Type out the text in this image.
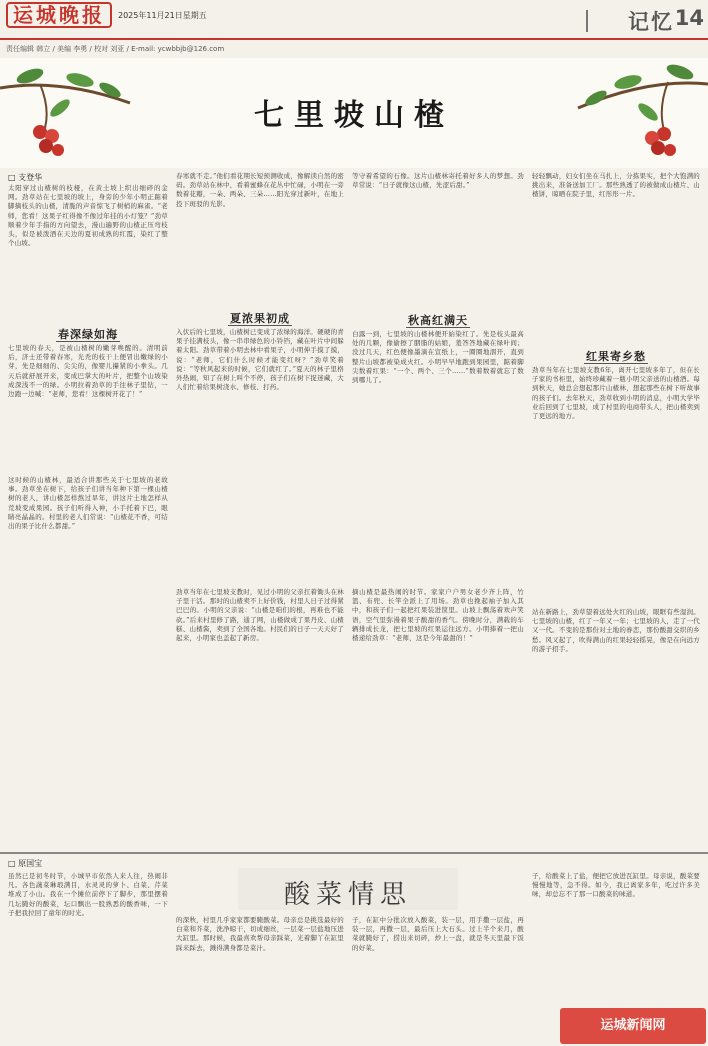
运城晚报	2025年11月21日星期五	记忆 14
责任编辑 韩立 / 美编 李勇 / 校对 刘亚 / E-mail: ycwbbjb@126.com
七里坡山楂
□ 支登华
太阳穿过山楂树的枝桠，在黄土坡上织出细碎的金网。劲草站在七里坡的坡上，身旁的少年小明正踮着脚摘枝头的山楂，清脆的声音惊飞了树梢的麻雀。“老师，您看！这果子红得像不像过年挂的小灯笼？”劲草顺着少年手指的方向望去，漫山遍野的山楂正压弯枝头，似是被泼洒在天边的夏初成熟的红霞，染红了整个山坡。
春深绿如海
七里坡的春天，是被山楂树的嫩芽唤醒的。清明前后，济士还带着春寒，光秃的枝干上便冒出嫩绿的小芽，先是细细的、尖尖的，像婴儿攥紧的小拳头。几天后就舒展开来，变成巴掌大的叶片，把整个山坡染成深浅不一的绿。小明拉着劲草的手往林子里钻，一边跑一边喊：“老师，您看！这棵树开花了！”
这时候的山楂林，最适合讲那些关于七里坡的老故事。劲草坐在树下，给孩子们讲当年种下第一棵山楂树的老人，讲山楂怎样熬过旱年，讲这片土地怎样从荒坡变成果园。孩子们听得入神，小手托着下巴，眼睛亮晶晶的。村里的老人们常说：“山楂花不香，可结出的果子比什么都甜。”
春寒就不走。”他们看花期长短预测收成，像解读自然的密码。劲草站在林中，看着蜜蜂在花丛中忙碌，小明在一旁数着花瓣，一朵、两朵、三朵……阳光穿过新叶，在地上投下斑驳的光影。
夏浓果初成
入伏后的七里坡，山楂树已变成了浓绿的海洋。硬硬的青果子挂满枝头，像一串串绿色的小铃铛，藏在叶片中间躲着太阳。劲草带着小明去林中看果子，小明伸手摸了摸，说：“老师，它们什么时候才能变红呀？”劲草笑着说：“等秋风起来的时候，它们就红了。”夏天的林子里格外热闹，知了在树上叫个不停，孩子们在树下捉迷藏，大人们忙着给果树浇水、修枝、打药。
劲草当年在七里坡支教时，见过小明的父亲扛着锄头在林子里干活。那时的山楂卖不上好价钱，村里人日子过得紧巴巴的。小明的父亲说：“山楂是咱们的根，再难也不能砍。”后来村里修了路，通了网，山楂做成了果丹皮、山楂糕、山楂酱，卖到了全国各地。村民们的日子一天天好了起来，小明家也盖起了新房。
等守着希望的石像。这片山楂林寄托着好多人的梦想。劲草常说：“日子就像这山楂，先涩后甜。”
秋高红满天
白露一到，七里坡的山楂林便开始染红了。先是枝头最高处的几颗，像偷擦了胭脂的姑娘，羞答答地藏在绿叶间；没过几天，红色便像墨滴在宣纸上，一圈圈地洇开，直到整片山坡都被染成火红。小明早早地跑到果园里，踮着脚尖数着红果：“一个、两个、三个……”数着数着就忘了数到哪儿了。
摘山楂是最热闹的时节。家家户户男女老少齐上阵，竹篮、布兜、长竿全派上了用场。劲草也挽起袖子加入其中，和孩子们一起把红果装进筐里。山坡上飘荡着欢声笑语，空气里弥漫着果子酸甜的香气。傍晚时分，满载的车辆排成长龙，把七里坡的红果运往远方。小明捧着一把山楂递给劲草：“老师，这是今年最甜的！”
轻轻飘动，妇女们坐在马扎上，分拣果实，把个大饱满的挑出来，准备送加工厂。那些熟透了的被做成山楂片、山楂饼，晾晒在院子里，红彤彤一片。
红果寄乡愁
劲草当年在七里坡支教6年，离开七里坡多年了，但在长子家的书柜里，始终珍藏着一瓶小明父亲送的山楂酒。每到秋天，她总会想起那片山楂林，想起那些在树下听故事的孩子们。去年秋天，劲草收到小明的消息，小明大学毕业后回到了七里坡，成了村里的电商带头人，把山楂卖到了更远的地方。
站在新路上，劲草望着远处火红的山坡，眼眶有些湿润。七里坡的山楂，红了一年又一年；七里坡的人，走了一代又一代。不变的是那份对土地的眷恋，那份酸甜交织的乡愁。风又起了，吹得满山的红果轻轻摇晃，像是在向远方的游子招手。
□ 原国宝
酸菜情思
虽然已是初冬时节，小城早市依然人来人往，热闹非凡。各色蔬菜琳琅满目，水灵灵的萝卜、白菜、芹菜堆成了小山。我在一个摊位前停下了脚步，那里摆着几坛腌好的酸菜，坛口飘出一股熟悉的酸香味，一下子把我拉回了童年的时光。
的深秋，村里几乎家家都要腌酸菜。母亲总是挑选最好的白菜和芥菜，洗净晾干，切成细丝，一层菜一层盐地压进大缸里。那时候，我最喜欢帮母亲踩菜，光着脚丫在缸里踩来踩去，溅得满身都是菜汁。
子，在缸中分批次放入酸菜，装一层，用手撒一层盐，再装一层，再撒一层，最后压上大石头。过上半个来月，酸菜就腌好了，捞出来切碎，炒上一盘，就是冬天里最下饭的好菜。
子，给酸菜上了盐，便把它放进瓦缸里。母亲说，酸菜要慢慢地等，急不得。如今，我已离家多年，吃过许多美味，却总忘不了那一口酸菜的味道。
运城新闻网
